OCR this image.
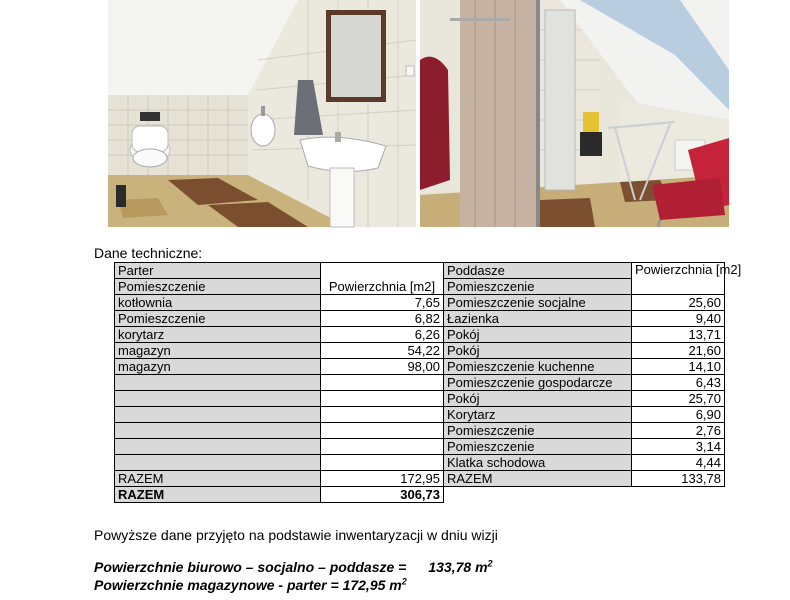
Dane techniczne:
Parter	Powierzchnia [m2]	Poddasze	Powierzchnia [m2]
Pomieszczenie		Pomieszczenie	
kotłownia	7,65	Pomieszczenie socjalne	25,60
Pomieszczenie	6,82	Łazienka	9,40
korytarz	6,26	Pokój	13,71
magazyn	54,22	Pokój	21,60
magazyn	98,00	Pomieszczenie kuchenne	14,10
		Pomieszczenie gospodarcze	6,43
		Pokój	25,70
		Korytarz	6,90
		Pomieszczenie	2,76
		Pomieszczenie	3,14
		Klatka schodowa	4,44
RAZEM	172,95	RAZEM	133,78
RAZEM	306,73		
Powyższe dane przyjęto na podstawie inwentaryzacji w dniu wizji
Powierzchnie biurowo – socjalno – poddasze = 133,78 $m^2$
Powierzchnie magazynowe - parter = 172,95 $m^2$
